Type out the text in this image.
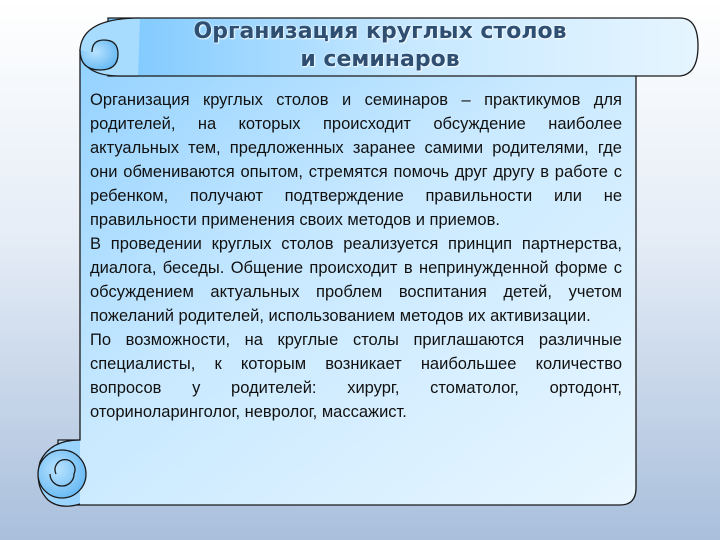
Организация круглых столов
и семинаров

Организация круглых столов и семинаров – практикумов для родителей, на которых происходит обсуждение наиболее актуальных тем, предложенных заранее самими родителями, где они обмениваются опытом, стремятся помочь друг другу в работе с ребенком, получают подтверждение правильности или не правильности применения своих методов и приемов.

В проведении круглых столов реализуется принцип партнерства, диалога, беседы. Общение происходит в непринужденной форме с обсуждением актуальных проблем воспитания детей, учетом пожеланий родителей, использованием методов их активизации.

По возможности, на круглые столы приглашаются различные специалисты, к которым возникает наибольшее количество вопросов у родителей: хирург, стоматолог, ортодонт, оториноларинголог, невролог, массажист.
